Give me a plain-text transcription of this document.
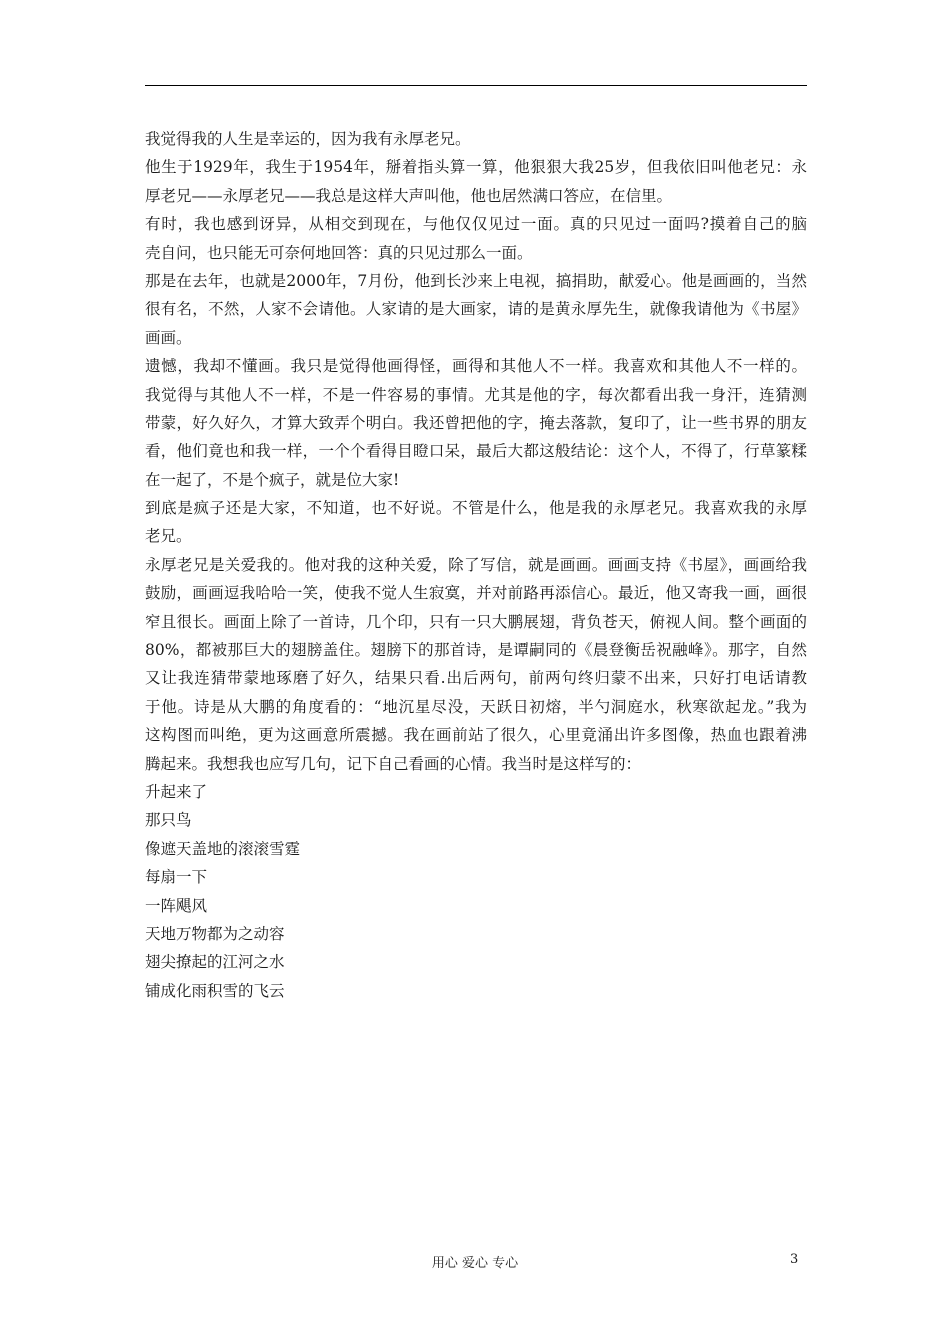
我觉得我的人生是幸运的，因为我有永厚老兄。
他生于1929年，我生于1954年，掰着指头算一算，他狠狠大我25岁，但我依旧叫他老兄：永
厚老兄——永厚老兄——我总是这样大声叫他，他也居然满口答应，在信里。
有时，我也感到讶异，从相交到现在，与他仅仅见过一面。真的只见过一面吗?摸着自己的脑
壳自问，也只能无可奈何地回答：真的只见过那么一面。
那是在去年，也就是2000年，7月份，他到长沙来上电视，搞捐助，献爱心。他是画画的，当然
很有名，不然，人家不会请他。人家请的是大画家，请的是黄永厚先生，就像我请他为《书屋》
画画。
遗憾，我却不懂画。我只是觉得他画得怪，画得和其他人不一样。我喜欢和其他人不一样的。
我觉得与其他人不一样，不是一件容易的事情。尤其是他的字，每次都看出我一身汗，连猜测
带蒙，好久好久，才算大致弄个明白。我还曾把他的字，掩去落款，复印了，让一些书界的朋友
看，他们竟也和我一样，一个个看得目瞪口呆，最后大都这般结论：这个人，不得了，行草篆糅
在一起了，不是个疯子，就是位大家!
到底是疯子还是大家，不知道，也不好说。不管是什么，他是我的永厚老兄。我喜欢我的永厚
老兄。
永厚老兄是关爱我的。他对我的这种关爱，除了写信，就是画画。画画支持《书屋》，画画给我
鼓励，画画逗我哈哈一笑，使我不觉人生寂寞，并对前路再添信心。最近，他又寄我一画，画很
窄且很长。画面上除了一首诗，几个印，只有一只大鹏展翅，背负苍天，俯视人间。整个画面的
80%，都被那巨大的翅膀盖住。翅膀下的那首诗，是谭嗣同的《晨登衡岳祝融峰》。那字，自然
又让我连猜带蒙地琢磨了好久，结果只看.出后两句，前两句终归蒙不出来，只好打电话请教
于他。诗是从大鹏的角度看的：“地沉星尽没，天跃日初熔，半勺洞庭水，秋寒欲起龙。”我为
这构图而叫绝，更为这画意所震撼。我在画前站了很久，心里竟涌出许多图像，热血也跟着沸
腾起来。我想我也应写几句，记下自己看画的心情。我当时是这样写的：
升起来了
那只鸟
像遮天盖地的滚滚雪霆
每扇一下
一阵飓风
天地万物都为之动容
翅尖撩起的江河之水
铺成化雨积雪的飞云
用心 爱心 专心	3
